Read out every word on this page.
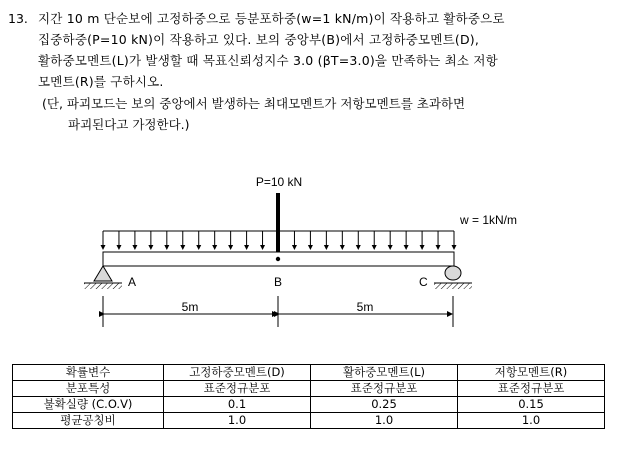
13. 지간 10 m 단순보에 고정하중으로 등분포하중(w=1 kN/m)이 작용하고 활하중으로
집중하중(P=10 kN)이 작용하고 있다. 보의 중앙부(B)에서 고정하중모멘트(D),
활하중모멘트(L)가 발생할 때 목표신뢰성지수 3.0 (βT=3.0)을 만족하는 최소 저항
모멘트(R)를 구하시오.
(단, 파괴모드는 보의 중앙에서 발생하는 최대모멘트가 저항모멘트를 초과하면
파괴된다고 가정한다.)
P=10 kN
w = 1kN/m
A	B	C
5m	5m
확률변수	고정하중모멘트(D)	활하중모멘트(L)	저항모멘트(R)
분포특성	표준정규분포	표준정규분포	표준정규분포
불확실량 (C.O.V)	0.1	0.25	0.15
평균공칭비	1.0	1.0	1.0
